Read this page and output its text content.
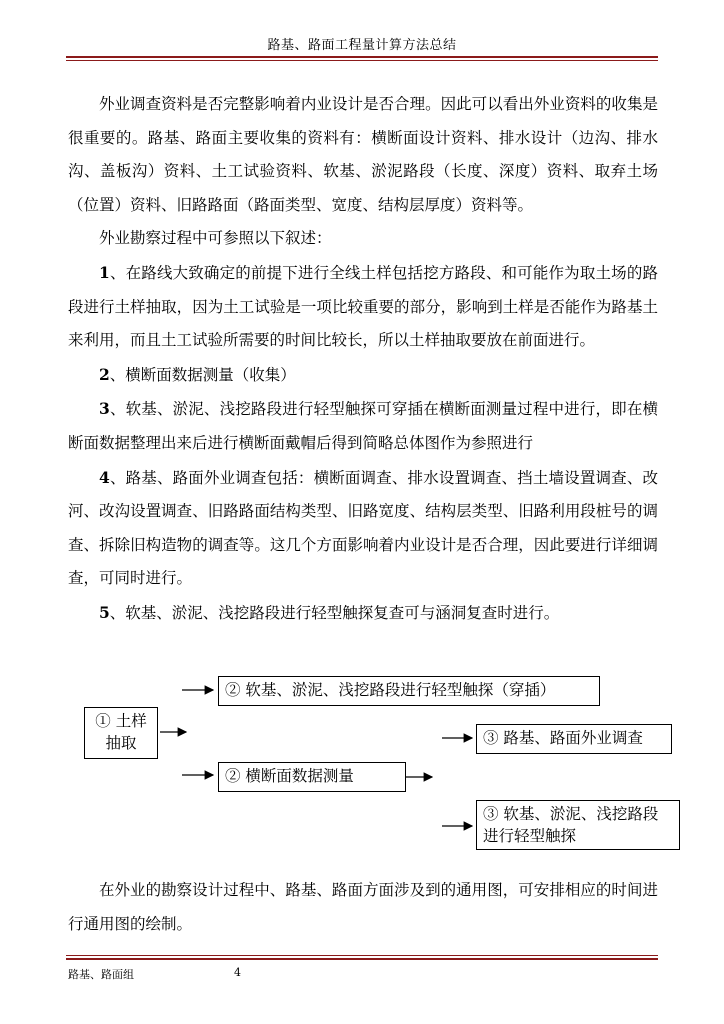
路基、路面工程量计算方法总结

外业调查资料是否完整影响着内业设计是否合理。因此可以看出外业资料的收集是很重要的。路基、路面主要收集的资料有：横断面设计资料、排水设计（边沟、排水沟、盖板沟）资料、土工试验资料、软基、淤泥路段（长度、深度）资料、取弃土场（位置）资料、旧路路面（路面类型、宽度、结构层厚度）资料等。

外业勘察过程中可参照以下叙述：

1、在路线大致确定的前提下进行全线土样包括挖方路段、和可能作为取土场的路段进行土样抽取，因为土工试验是一项比较重要的部分，影响到土样是否能作为路基土来利用，而且土工试验所需要的时间比较长，所以土样抽取要放在前面进行。

2、横断面数据测量（收集）

3、软基、淤泥、浅挖路段进行轻型触探可穿插在横断面测量过程中进行，即在横断面数据整理出来后进行横断面戴帽后得到简略总体图作为参照进行

4、路基、路面外业调查包括：横断面调查、排水设置调查、挡土墙设置调查、改河、改沟设置调查、旧路路面结构类型、旧路宽度、结构层类型、旧路利用段桩号的调查、拆除旧构造物的调查等。这几个方面影响着内业设计是否合理，因此要进行详细调查，可同时进行。

5、软基、淤泥、浅挖路段进行轻型触探复查可与涵洞复查时进行。

② 软基、淤泥、浅挖路段进行轻型触探（穿插）
① 土样抽取
② 横断面数据测量
③ 路基、路面外业调查
③ 软基、淤泥、浅挖路段进行轻型触探

在外业的勘察设计过程中、路基、路面方面涉及到的通用图，可安排相应的时间进行通用图的绘制。

路基、路面组	4
